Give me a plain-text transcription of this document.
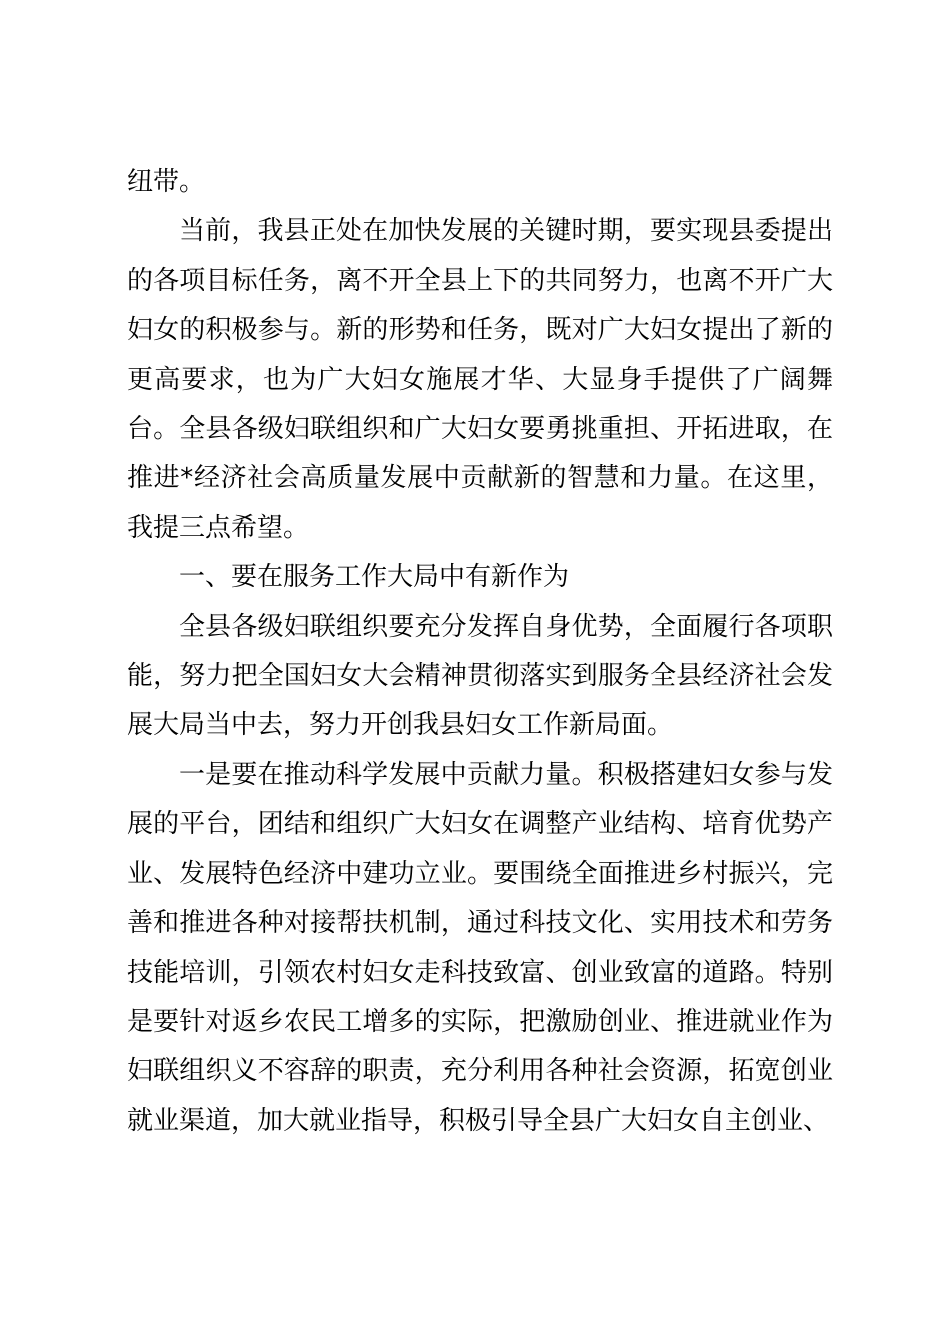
纽带。

当前，我县正处在加快发展的关键时期，要实现县委提出的各项目标任务，离不开全县上下的共同努力，也离不开广大妇女的积极参与。新的形势和任务，既对广大妇女提出了新的更高要求，也为广大妇女施展才华、大显身手提供了广阔舞台。全县各级妇联组织和广大妇女要勇挑重担、开拓进取，在推进*经济社会高质量发展中贡献新的智慧和力量。在这里，我提三点希望。

一、要在服务工作大局中有新作为

全县各级妇联组织要充分发挥自身优势，全面履行各项职能，努力把全国妇女大会精神贯彻落实到服务全县经济社会发展大局当中去，努力开创我县妇女工作新局面。

一是要在推动科学发展中贡献力量。积极搭建妇女参与发展的平台，团结和组织广大妇女在调整产业结构、培育优势产业、发展特色经济中建功立业。要围绕全面推进乡村振兴，完善和推进各种对接帮扶机制，通过科技文化、实用技术和劳务技能培训，引领农村妇女走科技致富、创业致富的道路。特别是要针对返乡农民工增多的实际，把激励创业、推进就业作为妇联组织义不容辞的职责，充分利用各种社会资源，拓宽创业就业渠道，加大就业指导，积极引导全县广大妇女自主创业、
